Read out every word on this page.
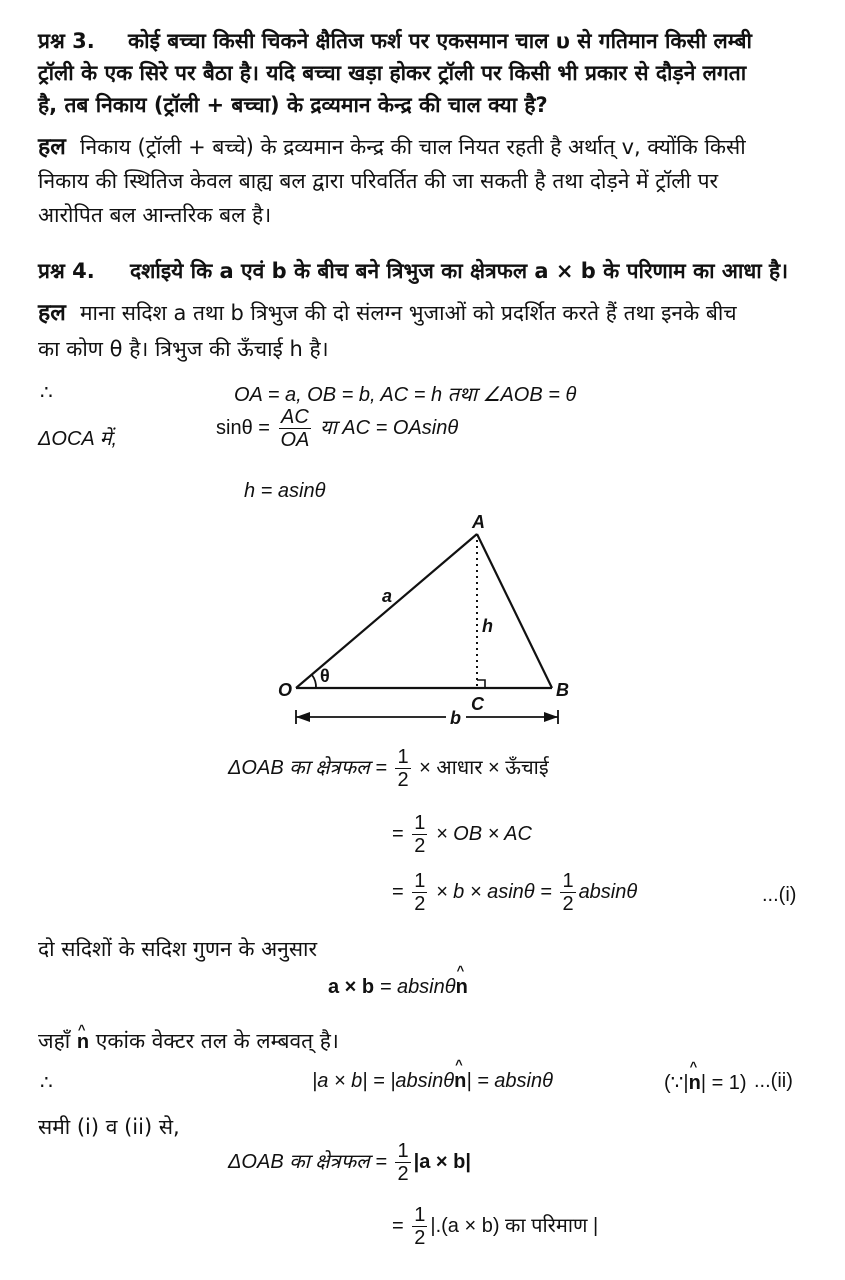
प्रश्न 3. कोई बच्चा किसी चिकने क्षैतिज फर्श पर एकसमान चाल υ से गतिमान किसी लम्बी
ट्रॉली के एक सिरे पर बैठा है। यदि बच्चा खड़ा होकर ट्रॉली पर किसी भी प्रकार से दौड़ने लगता
है, तब निकाय (ट्रॉली + बच्चा) के द्रव्यमान केन्द्र की चाल क्या है?
हल निकाय (ट्रॉली + बच्चे) के द्रव्यमान केन्द्र की चाल नियत रहती है अर्थात् v, क्योंकि किसी
निकाय की स्थितिज केवल बाह्य बल द्वारा परिवर्तित की जा सकती है तथा दोड़ने में ट्रॉली पर
आरोपित बल आन्तरिक बल है।
प्रश्न 4. दर्शाइये कि a एवं b के बीच बने त्रिभुज का क्षेत्रफल a × b के परिणाम का आधा है।
हल माना सदिश a तथा b त्रिभुज की दो संलग्न भुजाओं को प्रदर्शित करते हैं तथा इनके बीच
का कोण θ है। त्रिभुज की ऊँचाई h है।
∴	OA = a, OB = b, AC = h तथा ∠AOB = θ
ΔOCA में,
$\sin\theta = \frac{AC}{OA}$ या AC = OAsinθ
h = asinθ
A
O	B
C
a
h
θ
b
ΔOAB का क्षेत्रफल = $\frac{1}{2}$ × आधार × ऊँचाई
= $\frac{1}{2}$ × OB × AC
= $\frac{1}{2} \times b \times asin\theta = \frac{1}{2}$ absinθ	...(i)
दो सदिशों के सदिश गुणन के अनुसार
a × b = absinθ^ n
जहाँ ^ n एकांक वेक्टर तल के लम्बवत् है।
∴	|a × b| = |absinθ^ n| = absinθ	(∵|^ n| = 1) ...(ii)
समी (i) व (ii) से,
ΔOAB का क्षेत्रफल = $\frac{1}{2} |a \times b|$
= $\frac{1}{2} |.(a \times b)$ का परिमाण |
